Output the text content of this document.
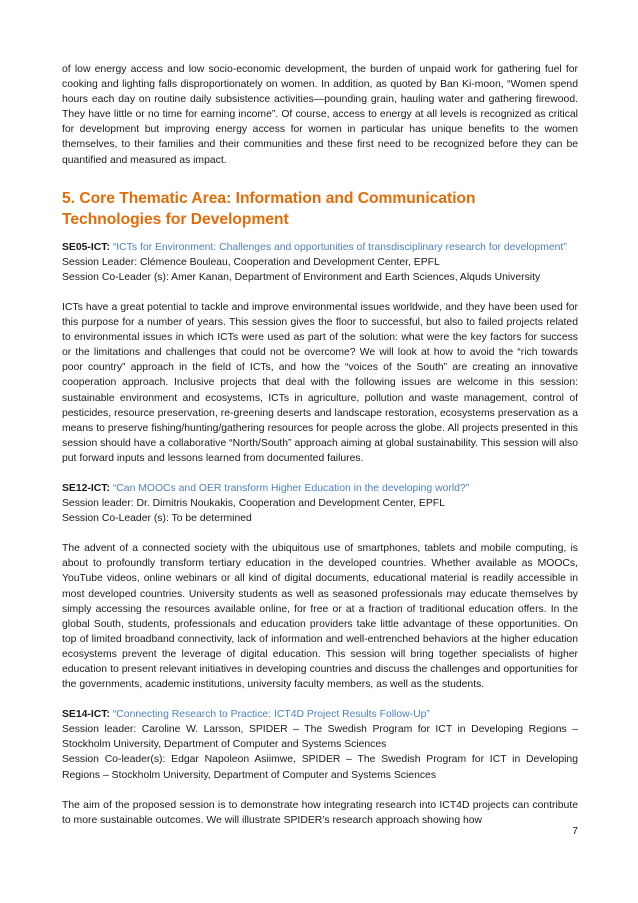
of low energy access and low socio-economic development, the burden of unpaid work for gathering fuel for cooking and lighting falls disproportionately on women. In addition, as quoted by Ban Ki-moon, “Women spend hours each day on routine daily subsistence activities—pounding grain, hauling water and gathering firewood. They have little or no time for earning income”. Of course, access to energy at all levels is recognized as critical for development but improving energy access for women in particular has unique benefits to the women themselves, to their families and their communities and these first need to be recognized before they can be quantified and measured as impact.

5. Core Thematic Area: Information and Communication Technologies for Development

SE05-ICT: “ICTs for Environment: Challenges and opportunities of transdisciplinary research for development”

Session Leader: Clémence Bouleau, Cooperation and Development Center, EPFL

Session Co-Leader (s): Amer Kanan, Department of Environment and Earth Sciences, Alquds University

ICTs have a great potential to tackle and improve environmental issues worldwide, and they have been used for this purpose for a number of years. This session gives the floor to successful, but also to failed projects related to environmental issues in which ICTs were used as part of the solution: what were the key factors for success or the limitations and challenges that could not be overcome? We will look at how to avoid the “rich towards poor country” approach in the field of ICTs, and how the “voices of the South” are creating an innovative cooperation approach. Inclusive projects that deal with the following issues are welcome in this session: sustainable environment and ecosystems, ICTs in agriculture, pollution and waste management, control of pesticides, resource preservation, re-greening deserts and landscape restoration, ecosystems preservation as a means to preserve fishing/hunting/gathering resources for people across the globe. All projects presented in this session should have a collaborative “North/South” approach aiming at global sustainability. This session will also put forward inputs and lessons learned from documented failures.

SE12-ICT: “Can MOOCs and OER transform Higher Education in the developing world?”

Session leader: Dr. Dimitris Noukakis, Cooperation and Development Center, EPFL

Session Co-Leader (s): To be determined

The advent of a connected society with the ubiquitous use of smartphones, tablets and mobile computing, is about to profoundly transform tertiary education in the developed countries. Whether available as MOOCs, YouTube videos, online webinars or all kind of digital documents, educational material is readily accessible in most developed countries. University students as well as seasoned professionals may educate themselves by simply accessing the resources available online, for free or at a fraction of traditional education offers. In the global South, students, professionals and education providers take little advantage of these opportunities. On top of limited broadband connectivity, lack of information and well-entrenched behaviors at the higher education ecosystems prevent the leverage of digital education. This session will bring together specialists of higher education to present relevant initiatives in developing countries and discuss the challenges and opportunities for the governments, academic institutions, university faculty members, as well as the students.

SE14-ICT: “Connecting Research to Practice: ICT4D Project Results Follow-Up”

Session leader: Caroline W. Larsson, SPIDER – The Swedish Program for ICT in Developing Regions – Stockholm University, Department of Computer and Systems Sciences

Session Co-leader(s): Edgar Napoleon Asiimwe, SPIDER – The Swedish Program for ICT in Developing Regions – Stockholm University, Department of Computer and Systems Sciences

The aim of the proposed session is to demonstrate how integrating research into ICT4D projects can contribute to more sustainable outcomes. We will illustrate SPIDER’s research approach showing how

7
